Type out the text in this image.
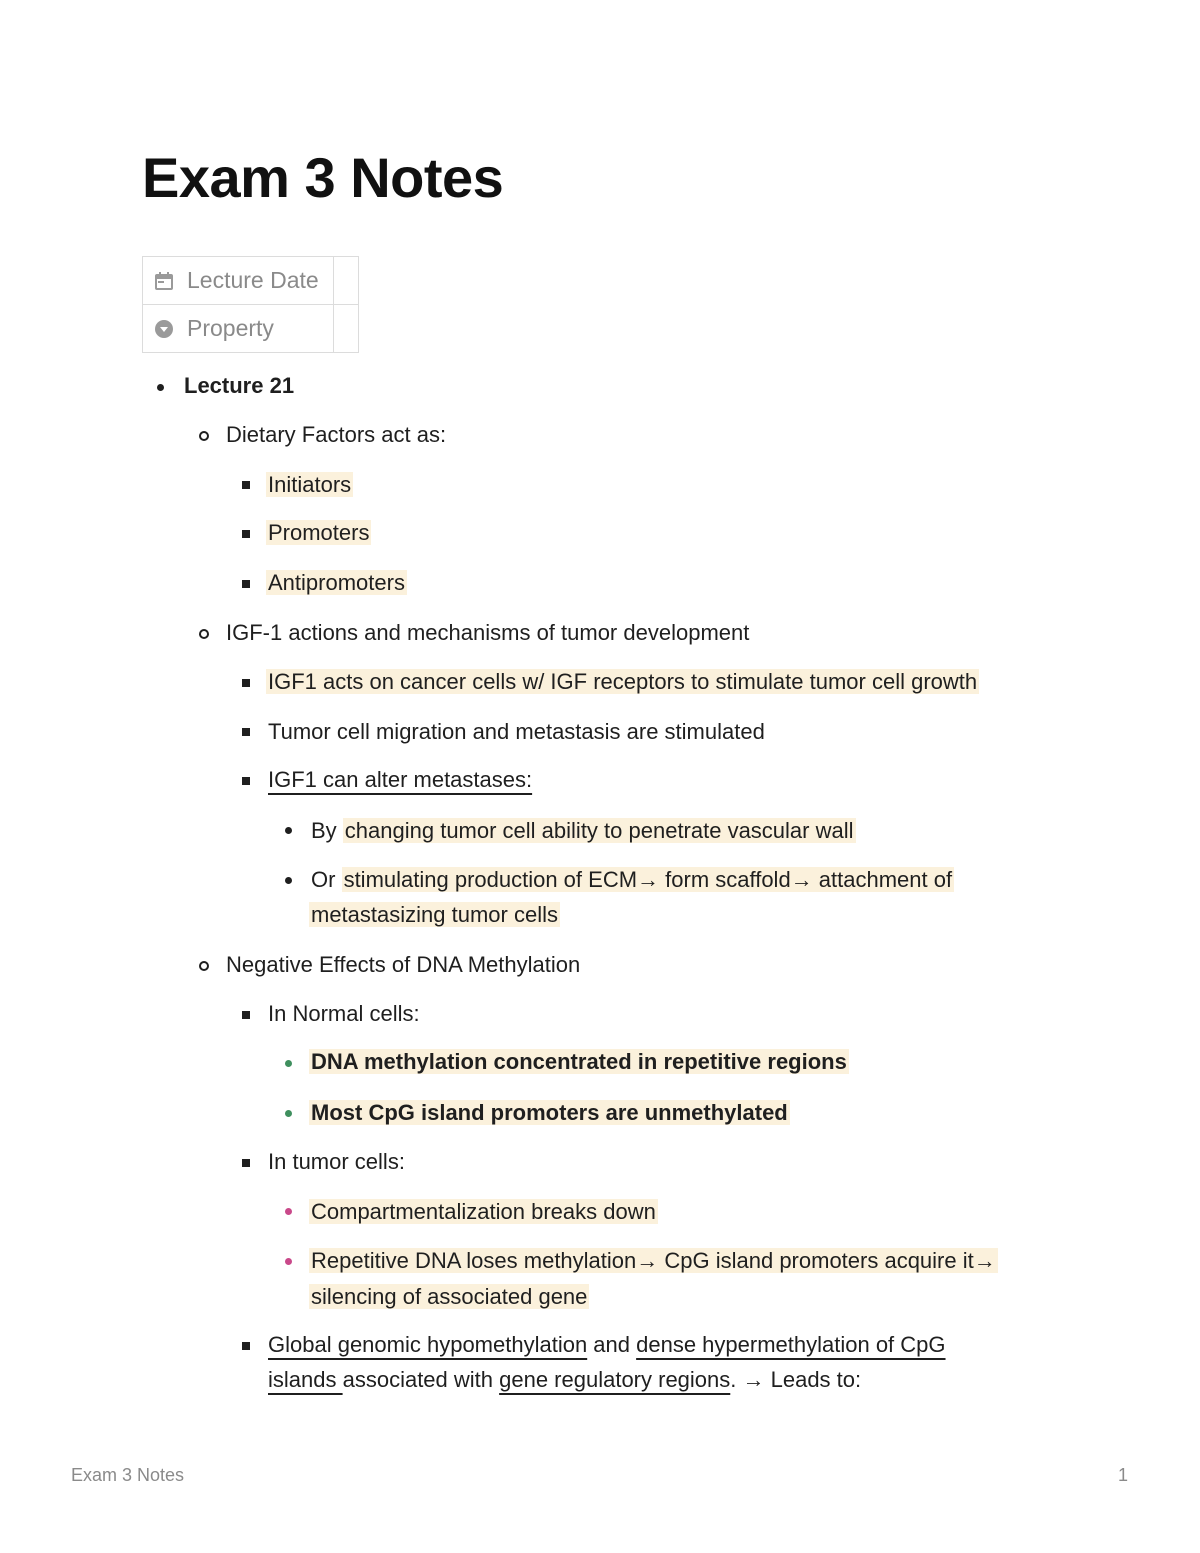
Exam 3 Notes
Lecture Date	

Property	

Lecture 21
Dietary Factors act as:
Initiators
Promoters
Antipromoters
IGF-1 actions and mechanisms of tumor development
IGF1 acts on cancer cells w/ IGF receptors to stimulate tumor cell growth
Tumor cell migration and metastasis are stimulated
IGF1 can alter metastases:
By changing tumor cell ability to penetrate vascular wall
Or stimulating production of ECM→ form scaffold→ attachment of
metastasizing tumor cells
Negative Effects of DNA Methylation
In Normal cells:
DNA methylation concentrated in repetitive regions
Most CpG island promoters are unmethylated
In tumor cells:
Compartmentalization breaks down
Repetitive DNA loses methylation→ CpG island promoters acquire it→
silencing of associated gene
Global genomic hypomethylation and dense hypermethylation of CpG
islands associated with gene regulatory regions. → Leads to:
Exam 3 Notes	1
